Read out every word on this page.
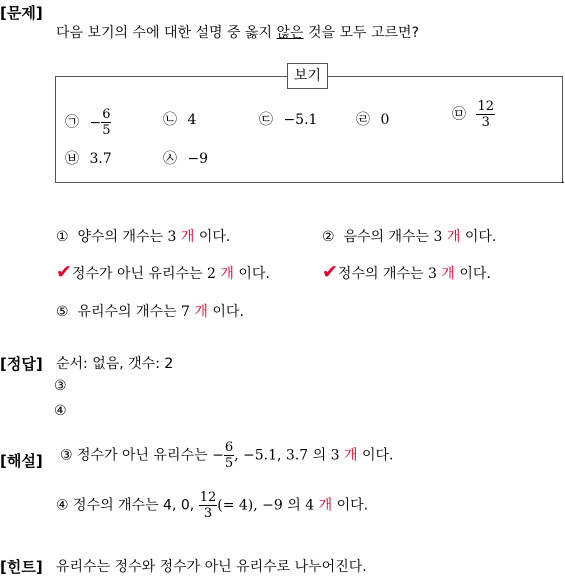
[문제]
다음 보기의 수에 대한 설명 중 옳지 않은 것을 모두 고르면?
보기
.
㉠ − $\frac{6}{5}$	㉡ 4	㉢ −5.1	㉣ 0	㉤ $\frac{12}{3}$
㉥ 3.7	㉦ −9
① 양수의 개수는 3 개 이다.	② 음수의 개수는 3 개 이다.
✔정수가 아닌 유리수는 2 개 이다.	✔정수의 개수는 3 개 이다.
⑤ 유리수의 개수는 7 개 이다.
[정답] 순서: 없음, 갯수: 2
③
④
[해설] ③ 정수가 아닌 유리수는 − $\frac{6}{5}$ , −5.1, 3.7 의 3 개 이다.
④ 정수의 개수는 4, 0, $\frac{12}{3}$ (= 4), −9 의 4 개 이다.
[힌트] 유리수는 정수와 정수가 아닌 유리수로 나누어진다.
